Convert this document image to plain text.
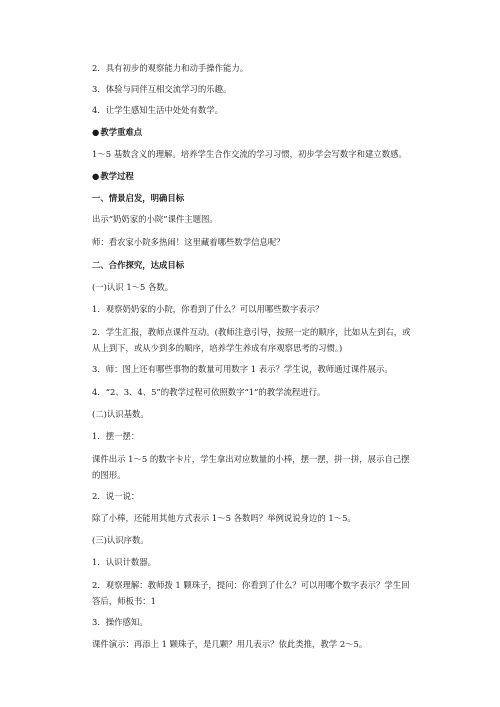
2．具有初步的观察能力和动手操作能力。
3．体验与同伴互相交流学习的乐趣。
4．让学生感知生活中处处有数学。
●教学重难点
1～5 基数含义的理解。培养学生合作交流的学习习惯，初步学会写数字和建立数感。
●教学过程
一、情景启发，明确目标
出示“奶奶家的小院”课件主题图。
师：看农家小院多热闹！这里藏着哪些数学信息呢？
二、合作探究，达成目标
(一)认识 1～5 各数。
1．观察奶奶家的小院，你看到了什么？可以用哪些数字表示？
2．学生汇报，教师点课件互动。(教师注意引导，按照一定的顺序，比如从左到右，或
从上到下，或从少到多的顺序，培养学生养成有序观察思考的习惯。)
3．师：图上还有哪些事物的数量可用数字 1 表示？学生说，教师通过课件展示。
4．“2、3、4、5”的教学过程可依照数字“1”的教学流程进行。
(二)认识基数。
1．摆一摆：
课件出示 1～5 的数字卡片，学生拿出对应数量的小棒，摆一摆，拼一拼，展示自己摆
的图形。
2．说一说：
除了小棒，还能用其他方式表示 1～5 各数吗？举例说说身边的 1～5。
(三)认识序数。
1．认识计数器。
2．观察理解：教师拨 1 颗珠子，提问：你看到了什么？可以用哪个数字表示？学生回
答后，师板书：1
3．操作感知。
课件演示：再添上 1 颗珠子，是几颗？用几表示？依此类推，教学 2～5。
